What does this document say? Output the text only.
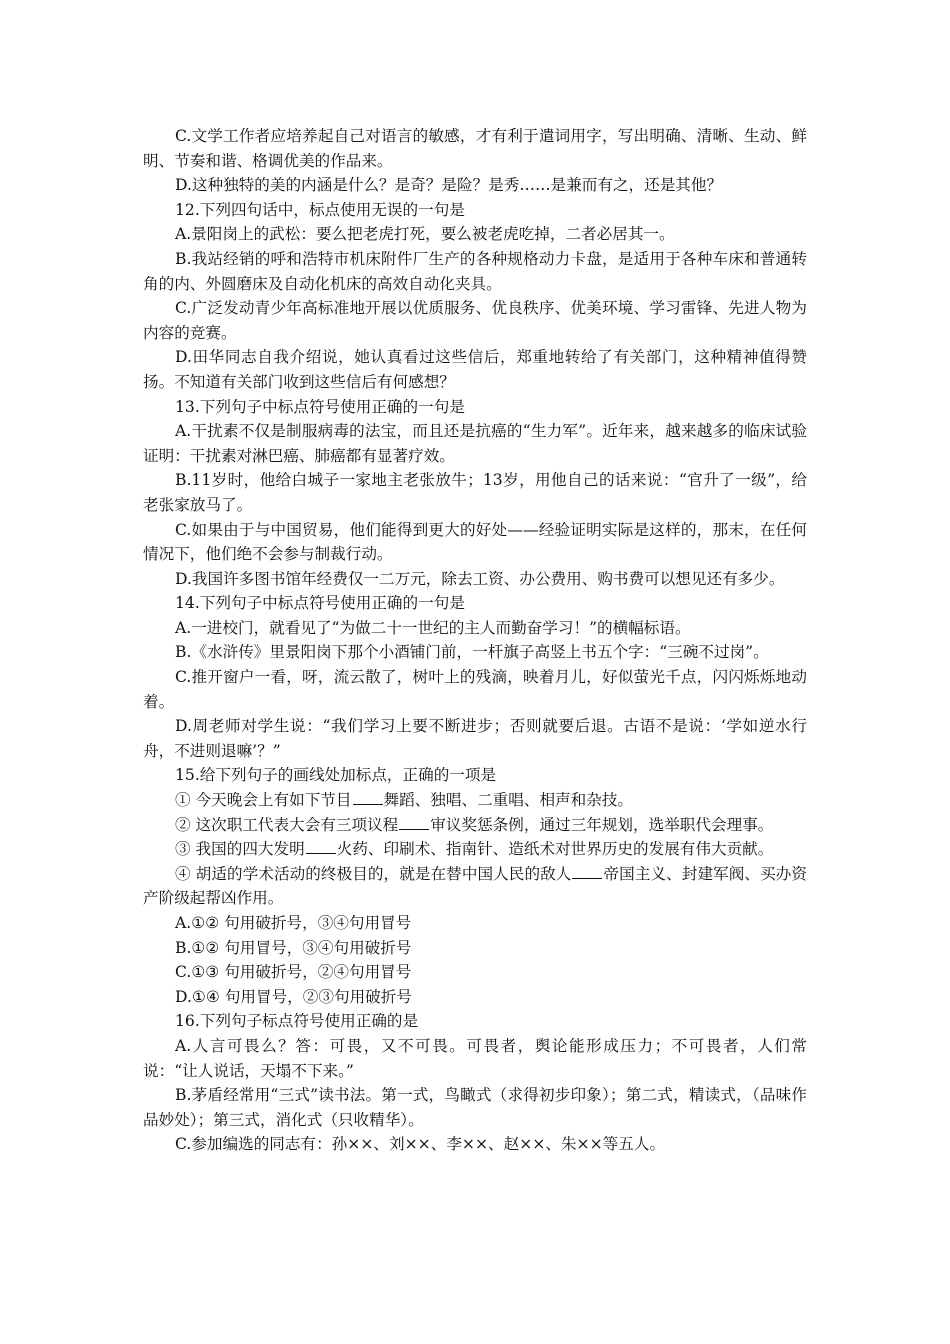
C.文学工作者应培养起自己对语言的敏感，才有利于遣词用字，写出明确、清晰、生动、鲜明、节奏和谐、格调优美的作品来。

D.这种独特的美的内涵是什么？是奇？是险？是秀……是兼而有之，还是其他？

12.下列四句话中，标点使用无误的一句是

A.景阳岗上的武松：要么把老虎打死，要么被老虎吃掉，二者必居其一。

B.我站经销的呼和浩特市机床附件厂生产的各种规格动力卡盘，是适用于各种车床和普通转角的内、外圆磨床及自动化机床的高效自动化夹具。

C.广泛发动青少年高标准地开展以优质服务、优良秩序、优美环境、学习雷锋、先进人物为内容的竞赛。

D.田华同志自我介绍说，她认真看过这些信后，郑重地转给了有关部门，这种精神值得赞扬。不知道有关部门收到这些信后有何感想？

13.下列句子中标点符号使用正确的一句是

A.干扰素不仅是制服病毒的法宝，而且还是抗癌的“生力军”。近年来，越来越多的临床试验证明：干扰素对淋巴癌、肺癌都有显著疗效。

B.11岁时，他给白城子一家地主老张放牛；13岁，用他自己的话来说：“官升了一级”，给老张家放马了。

C.如果由于与中国贸易，他们能得到更大的好处——经验证明实际是这样的，那末，在任何情况下，他们绝不会参与制裁行动。

D.我国许多图书馆年经费仅一二万元，除去工资、办公费用、购书费可以想见还有多少。

14.下列句子中标点符号使用正确的一句是

A.一进校门，就看见了“为做二十一世纪的主人而勤奋学习！”的横幅标语。

B.《水浒传》里景阳岗下那个小酒铺门前，一杆旗子高竖上书五个字：“三碗不过岗”。

C.推开窗户一看，呀，流云散了，树叶上的残滴，映着月儿，好似萤光千点，闪闪烁烁地动着。

D.周老师对学生说：“我们学习上要不断进步；否则就要后退。古语不是说：‘学如逆水行舟，不进则退嘛’？”

15.给下列句子的画线处加标点，正确的一项是

① 今天晚会上有如下节目 舞蹈、独唱、二重唱、相声和杂技。

② 这次职工代表大会有三项议程 审议奖惩条例，通过三年规划，选举职代会理事。

③ 我国的四大发明 火药、印刷术、指南针、造纸术对世界历史的发展有伟大贡献。

④ 胡适的学术活动的终极目的，就是在替中国人民的敌人 帝国主义、封建军阀、买办资产阶级起帮凶作用。

A.①② 句用破折号，③④句用冒号

B.①② 句用冒号，③④句用破折号

C.①③ 句用破折号，②④句用冒号

D.①④ 句用冒号，②③句用破折号

16.下列句子标点符号使用正确的是

A.人言可畏么？答：可畏，又不可畏。可畏者，舆论能形成压力；不可畏者，人们常说：“让人说话，天塌不下来。”

B.茅盾经常用“三式”读书法。第一式，鸟瞰式（求得初步印象）；第二式，精读式，（品味作品妙处）；第三式，消化式（只收精华）。

C.参加编选的同志有：孙××、刘××、李××、赵××、朱××等五人。
